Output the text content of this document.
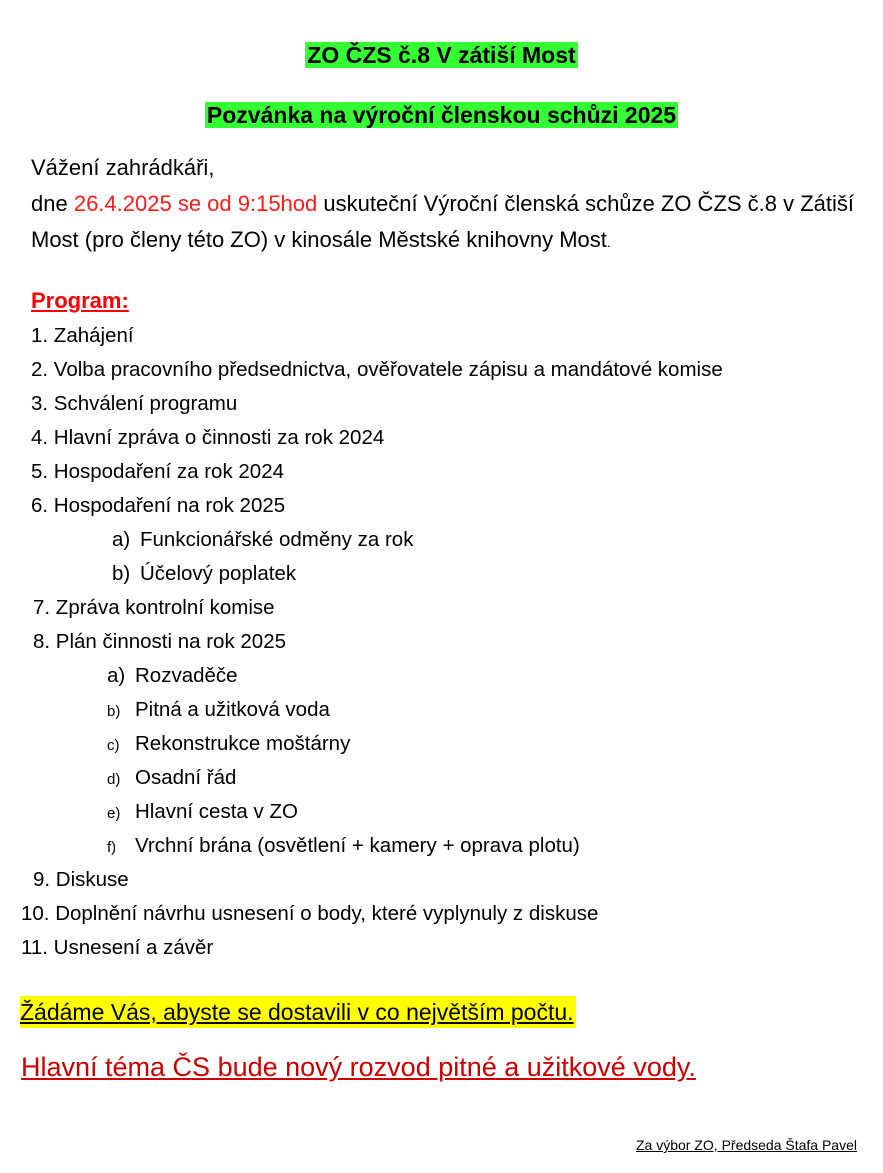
ZO ČZS č.8 V zátiší Most
Pozvánka na výroční členskou schůzi 2025
Vážení zahrádkáři,
dne 26.4.2025 se od 9:15hod uskuteční Výroční členská schůze ZO ČZS č.8 v Zátiší Most (pro členy této ZO) v kinosále Městské knihovny Most.
Program:
1. Zahájení
2. Volba pracovního předsednictva, ověřovatele zápisu a mandátové komise
3. Schválení programu
4. Hlavní zpráva o činnosti za rok 2024
5. Hospodaření za rok 2024
6. Hospodaření na rok 2025
a) Funkcionářské odměny za rok
b) Účelový poplatek
7. Zpráva kontrolní komise
8. Plán činnosti na rok 2025
a) Rozvaděče
b) Pitná a užitková voda
c) Rekonstrukce moštárny
d) Osadní řád
e) Hlavní cesta v ZO
f) Vrchní brána (osvětlení + kamery + oprava plotu)
9. Diskuse
10. Doplnění návrhu usnesení o body, které vyplynuly z diskuse
11. Usnesení a závěr
Žádáme Vás, abyste se dostavili v co největším počtu.
Hlavní téma ČS bude nový rozvod pitné a užitkové vody.
Za výbor ZO, Předseda Štafa Pavel
